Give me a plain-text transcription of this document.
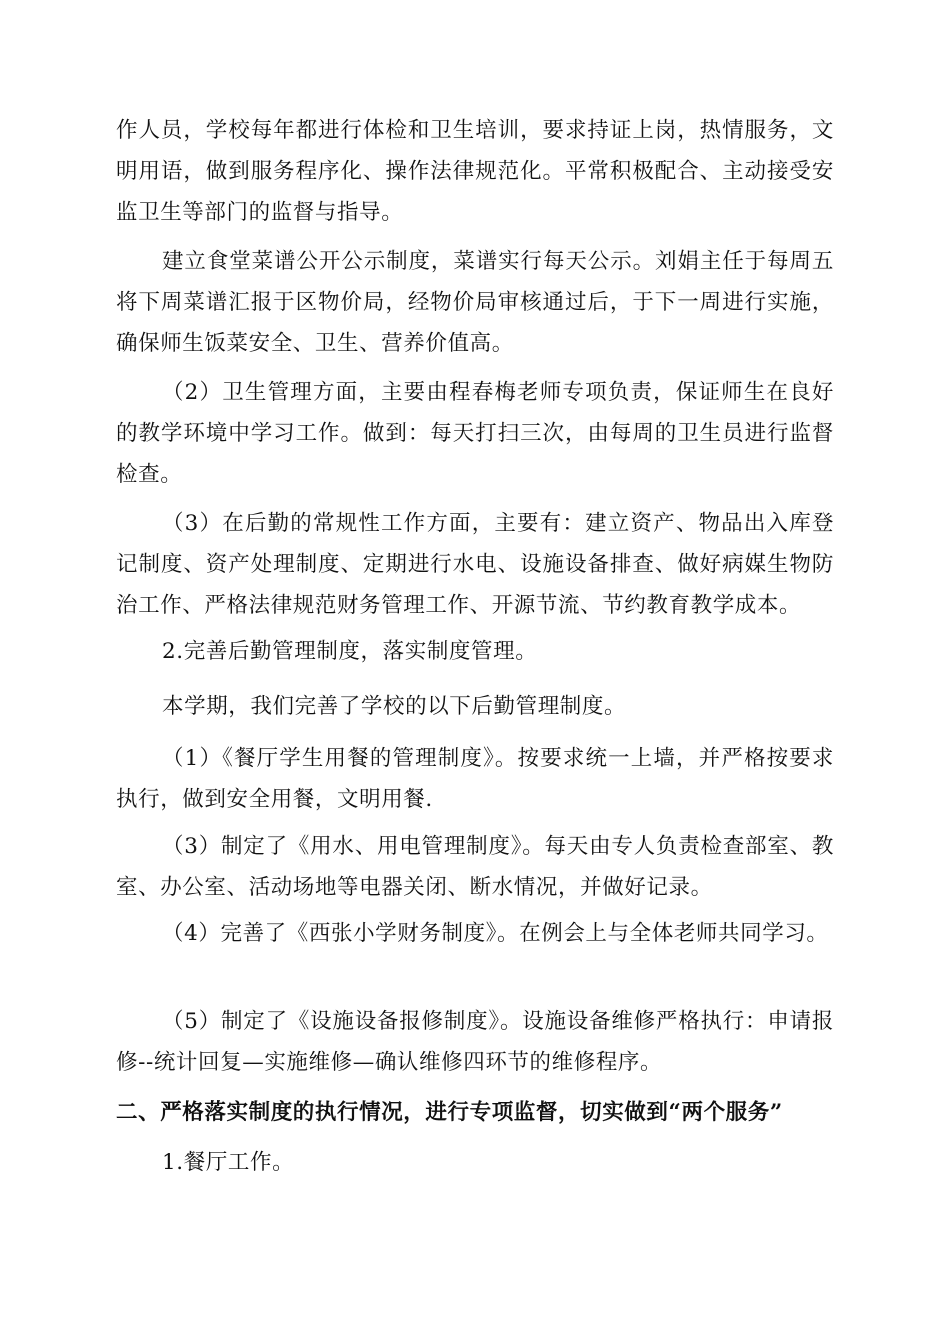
作人员，学校每年都进行体检和卫生培训，要求持证上岗，热情服务，文明用语，做到服务程序化、操作法律规范化。平常积极配合、主动接受安监卫生等部门的监督与指导。

建立食堂菜谱公开公示制度，菜谱实行每天公示。刘娟主任于每周五将下周菜谱汇报于区物价局，经物价局审核通过后，于下一周进行实施，确保师生饭菜安全、卫生、营养价值高。

（2）卫生管理方面，主要由程春梅老师专项负责，保证师生在良好的教学环境中学习工作。做到：每天打扫三次，由每周的卫生员进行监督检查。

（3）在后勤的常规性工作方面，主要有：建立资产、物品出入库登记制度、资产处理制度、定期进行水电、设施设备排查、做好病媒生物防治工作、严格法律规范财务管理工作、开源节流、节约教育教学成本。

2.完善后勤管理制度，落实制度管理。

本学期，我们完善了学校的以下后勤管理制度。

（1）《餐厅学生用餐的管理制度》。按要求统一上墙，并严格按要求执行，做到安全用餐，文明用餐.

（3）制定了《用水、用电管理制度》。每天由专人负责检查部室、教室、办公室、活动场地等电器关闭、断水情况，并做好记录。

（4）完善了《西张小学财务制度》。在例会上与全体老师共同学习。

（5）制定了《设施设备报修制度》。设施设备维修严格执行：申请报修--统计回复—实施维修—确认维修四环节的维修程序。

二、严格落实制度的执行情况，进行专项监督，切实做到“两个服务”

1.餐厅工作。
